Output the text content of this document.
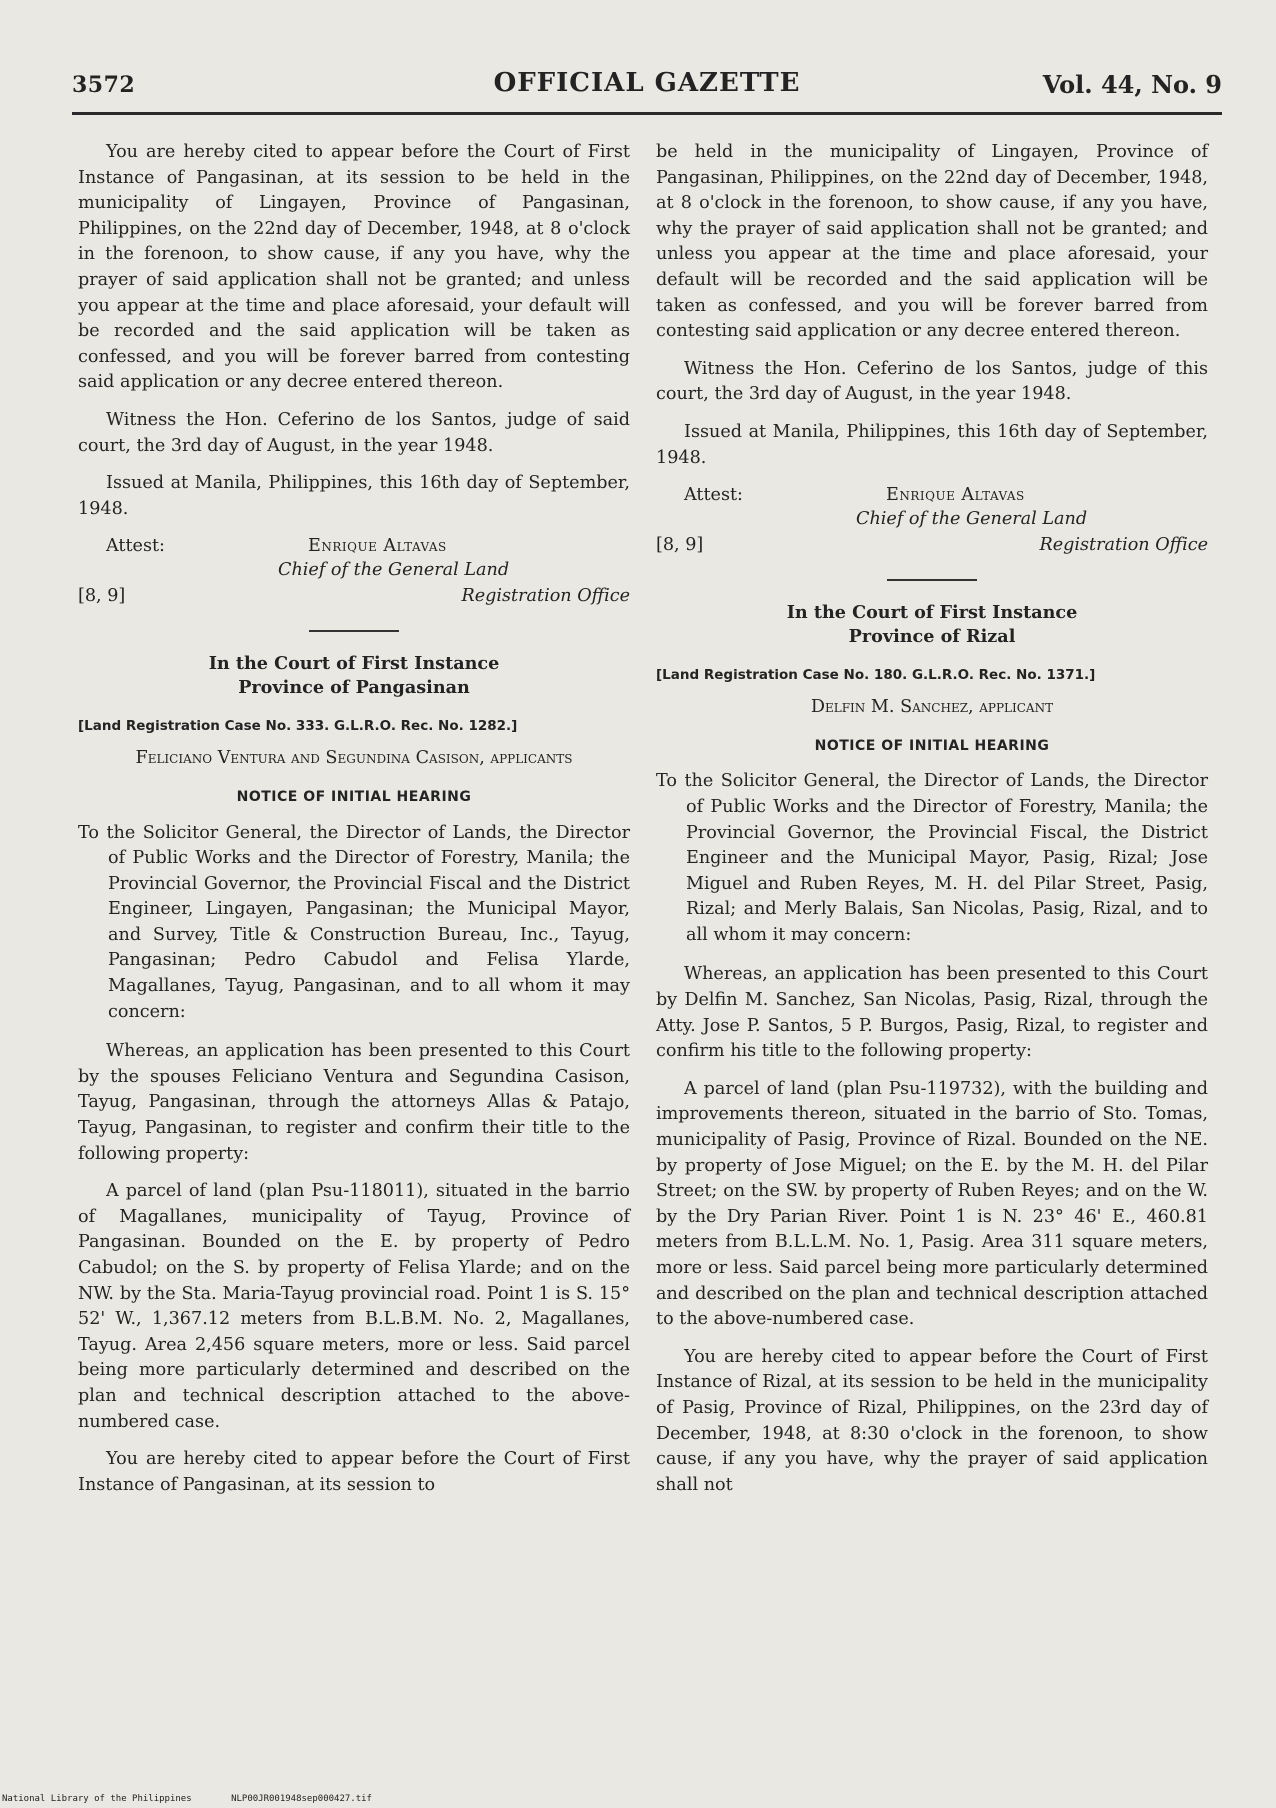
3572	OFFICIAL GAZETTE	Vol. 44, No. 9

You are hereby cited to appear before the Court of First Instance of Pangasinan, at its session to be held in the municipality of Lingayen, Province of Pangasinan, Philippines, on the 22nd day of December, 1948, at 8 o'clock in the forenoon, to show cause, if any you have, why the prayer of said application shall not be granted; and unless you appear at the time and place aforesaid, your default will be recorded and the said application will be taken as confessed, and you will be forever barred from contesting said application or any decree entered thereon.

Witness the Hon. Ceferino de los Santos, judge of said court, the 3rd day of August, in the year 1948.

Issued at Manila, Philippines, this 16th day of September, 1948.

Attest:	Enrique Altavas
Chief of the General Land
[8, 9]	Registration Office
In the Court of First Instance
Province of Pangasinan
[Land Registration Case No. 333. G.L.R.O. Rec. No. 1282.]
Feliciano Ventura and Segundina Casison, applicants
NOTICE OF INITIAL HEARING

To the Solicitor General, the Director of Lands, the Director of Public Works and the Director of Forestry, Manila; the Provincial Governor, the Provincial Fiscal and the District Engineer, Lingayen, Pangasinan; the Municipal Mayor, and Survey, Title & Construction Bureau, Inc., Tayug, Pangasinan; Pedro Cabudol and Felisa Ylarde, Magallanes, Tayug, Pangasinan, and to all whom it may concern:

Whereas, an application has been presented to this Court by the spouses Feliciano Ventura and Segundina Casison, Tayug, Pangasinan, through the attorneys Allas & Patajo, Tayug, Pangasinan, to register and confirm their title to the following property:

A parcel of land (plan Psu-118011), situated in the barrio of Magallanes, municipality of Tayug, Province of Pangasinan. Bounded on the E. by property of Pedro Cabudol; on the S. by property of Felisa Ylarde; and on the NW. by the Sta. Maria-Tayug provincial road. Point 1 is S. 15° 52' W., 1,367.12 meters from B.L.B.M. No. 2, Magallanes, Tayug. Area 2,456 square meters, more or less. Said parcel being more particularly determined and described on the plan and technical description attached to the above-numbered case.

You are hereby cited to appear before the Court of First Instance of Pangasinan, at its session to

be held in the municipality of Lingayen, Province of Pangasinan, Philippines, on the 22nd day of December, 1948, at 8 o'clock in the forenoon, to show cause, if any you have, why the prayer of said application shall not be granted; and unless you appear at the time and place aforesaid, your default will be recorded and the said application will be taken as confessed, and you will be forever barred from contesting said application or any decree entered thereon.

Witness the Hon. Ceferino de los Santos, judge of this court, the 3rd day of August, in the year 1948.

Issued at Manila, Philippines, this 16th day of September, 1948.

Attest:	Enrique Altavas
Chief of the General Land
[8, 9]	Registration Office
In the Court of First Instance
Province of Rizal
[Land Registration Case No. 180. G.L.R.O. Rec. No. 1371.]
Delfin M. Sanchez, applicant
NOTICE OF INITIAL HEARING

To the Solicitor General, the Director of Lands, the Director of Public Works and the Director of Forestry, Manila; the Provincial Governor, the Provincial Fiscal, the District Engineer and the Municipal Mayor, Pasig, Rizal; Jose Miguel and Ruben Reyes, M. H. del Pilar Street, Pasig, Rizal; and Merly Balais, San Nicolas, Pasig, Rizal, and to all whom it may concern:

Whereas, an application has been presented to this Court by Delfin M. Sanchez, San Nicolas, Pasig, Rizal, through the Atty. Jose P. Santos, 5 P. Burgos, Pasig, Rizal, to register and confirm his title to the following property:

A parcel of land (plan Psu-119732), with the building and improvements thereon, situated in the barrio of Sto. Tomas, municipality of Pasig, Province of Rizal. Bounded on the NE. by property of Jose Miguel; on the E. by the M. H. del Pilar Street; on the SW. by property of Ruben Reyes; and on the W. by the Dry Parian River. Point 1 is N. 23° 46' E., 460.81 meters from B.L.L.M. No. 1, Pasig. Area 311 square meters, more or less. Said parcel being more particularly determined and described on the plan and technical description attached to the above-numbered case.

You are hereby cited to appear before the Court of First Instance of Rizal, at its session to be held in the municipality of Pasig, Province of Rizal, Philippines, on the 23rd day of December, 1948, at 8:30 o'clock in the forenoon, to show cause, if any you have, why the prayer of said application shall not

National Library of the Philippines	NLP00JR001948sep000427.tif
